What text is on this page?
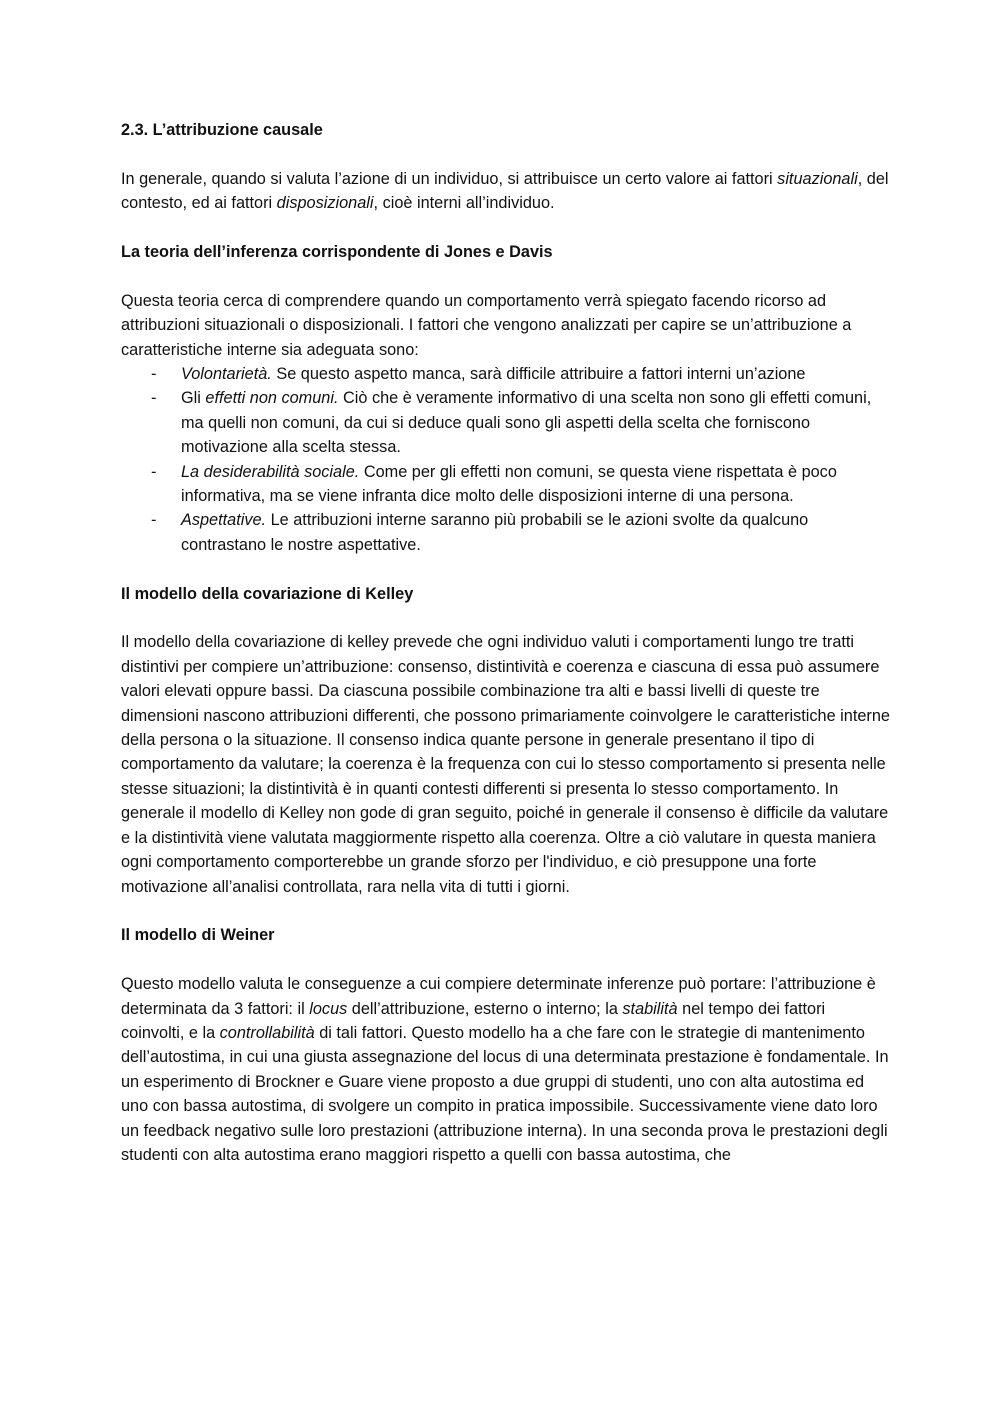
2.3. L’attribuzione causale

In generale, quando si valuta l’azione di un individuo, si attribuisce un certo valore ai fattori situazionali, del contesto, ed ai fattori disposizionali, cioè interni all’individuo.

La teoria dell’inferenza corrispondente di Jones e Davis

Questa teoria cerca di comprendere quando un comportamento verrà spiegato facendo ricorso ad attribuzioni situazionali o disposizionali. I fattori che vengono analizzati per capire se un’attribuzione a caratteristiche interne sia adeguata sono:

- Volontarietà. Se questo aspetto manca, sarà difficile attribuire a fattori interni un’azione
- Gli effetti non comuni. Ciò che è veramente informativo di una scelta non sono gli effetti comuni, ma quelli non comuni, da cui si deduce quali sono gli aspetti della scelta che forniscono motivazione alla scelta stessa.
- La desiderabilità sociale. Come per gli effetti non comuni, se questa viene rispettata è poco informativa, ma se viene infranta dice molto delle disposizioni interne di una persona.
- Aspettative. Le attribuzioni interne saranno più probabili se le azioni svolte da qualcuno contrastano le nostre aspettative.

Il modello della covariazione di Kelley

Il modello della covariazione di kelley prevede che ogni individuo valuti i comportamenti lungo tre tratti distintivi per compiere un’attribuzione: consenso, distintività e coerenza e ciascuna di essa può assumere valori elevati oppure bassi. Da ciascuna possibile combinazione tra alti e bassi livelli di queste tre dimensioni nascono attribuzioni differenti, che possono primariamente coinvolgere le caratteristiche interne della persona o la situazione. Il consenso indica quante persone in generale presentano il tipo di comportamento da valutare; la coerenza è la frequenza con cui lo stesso comportamento si presenta nelle stesse situazioni; la distintività è in quanti contesti differenti si presenta lo stesso comportamento. In generale il modello di Kelley non gode di gran seguito, poiché in generale il consenso è difficile da valutare e la distintività viene valutata maggiormente rispetto alla coerenza. Oltre a ciò valutare in questa maniera ogni comportamento comporterebbe un grande sforzo per l'individuo, e ciò presuppone una forte motivazione all’analisi controllata, rara nella vita di tutti i giorni.

Il modello di Weiner

Questo modello valuta le conseguenze a cui compiere determinate inferenze può portare: l’attribuzione è determinata da 3 fattori: il locus dell’attribuzione, esterno o interno; la stabilità nel tempo dei fattori coinvolti, e la controllabilità di tali fattori. Questo modello ha a che fare con le strategie di mantenimento dell’autostima, in cui una giusta assegnazione del locus di una determinata prestazione è fondamentale. In un esperimento di Brockner e Guare viene proposto a due gruppi di studenti, uno con alta autostima ed uno con bassa autostima, di svolgere un compito in pratica impossibile. Successivamente viene dato loro un feedback negativo sulle loro prestazioni (attribuzione interna). In una seconda prova le prestazioni degli studenti con alta autostima erano maggiori rispetto a quelli con bassa autostima, che
